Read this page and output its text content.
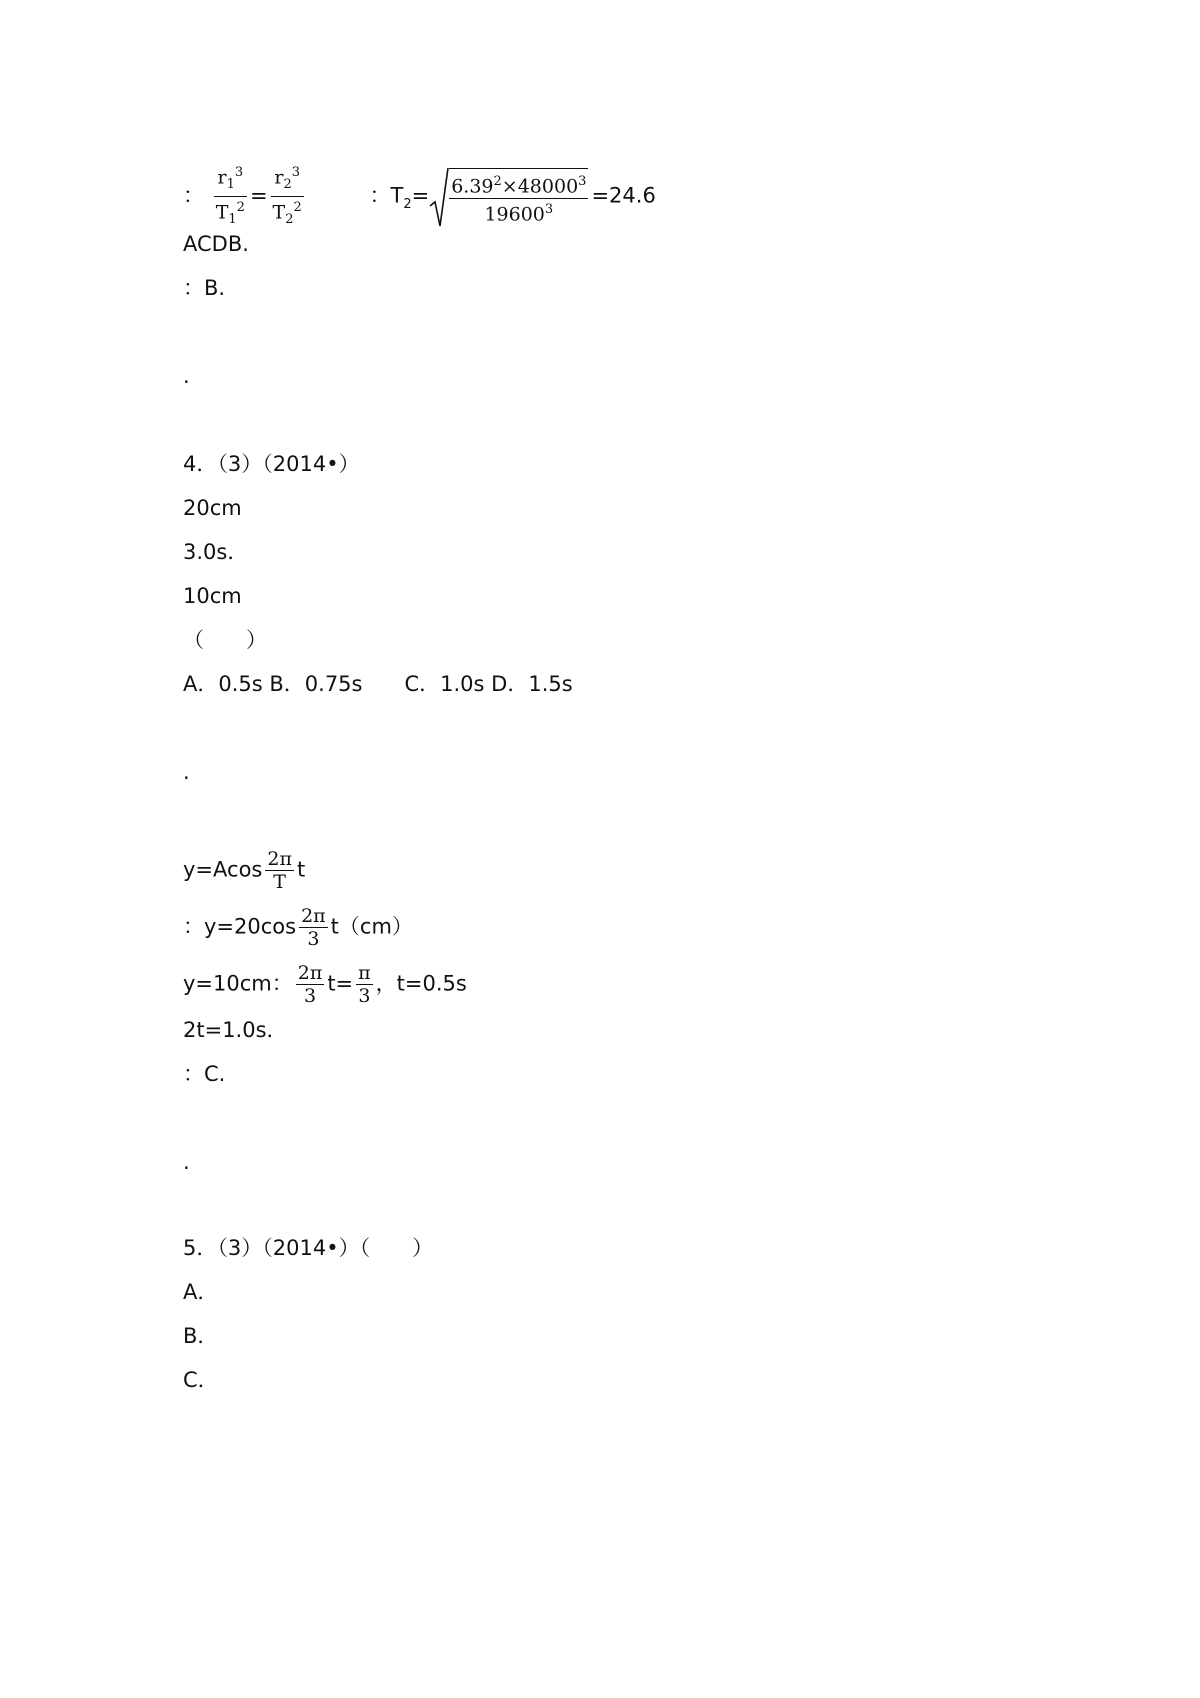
： $\frac{r_1^3}{T_1^2} = \frac{r_2^3}{T_2^2}$	：$T_2= \frac{6.39^2\times 48000^3}{19600^3} =24.6$
ACDB.
：B.
.
4．（3）（2014•）
20cm
3.0s．
10cm
（　　）
A．0.5s B．0.75s　　C．1.0s D．1.5s
.
$y=Acos \frac{2\pi}{T}$ t
：$y=20\cos \frac{2\pi}{3} t(cm)$
y=10cm： $\frac{2\pi}{3} t= \frac{\pi}{3}$ ，t=0.5s
2t=1.0s．
：C.
.
5．（3）（2014•）（　　）
A．
B．
C．
